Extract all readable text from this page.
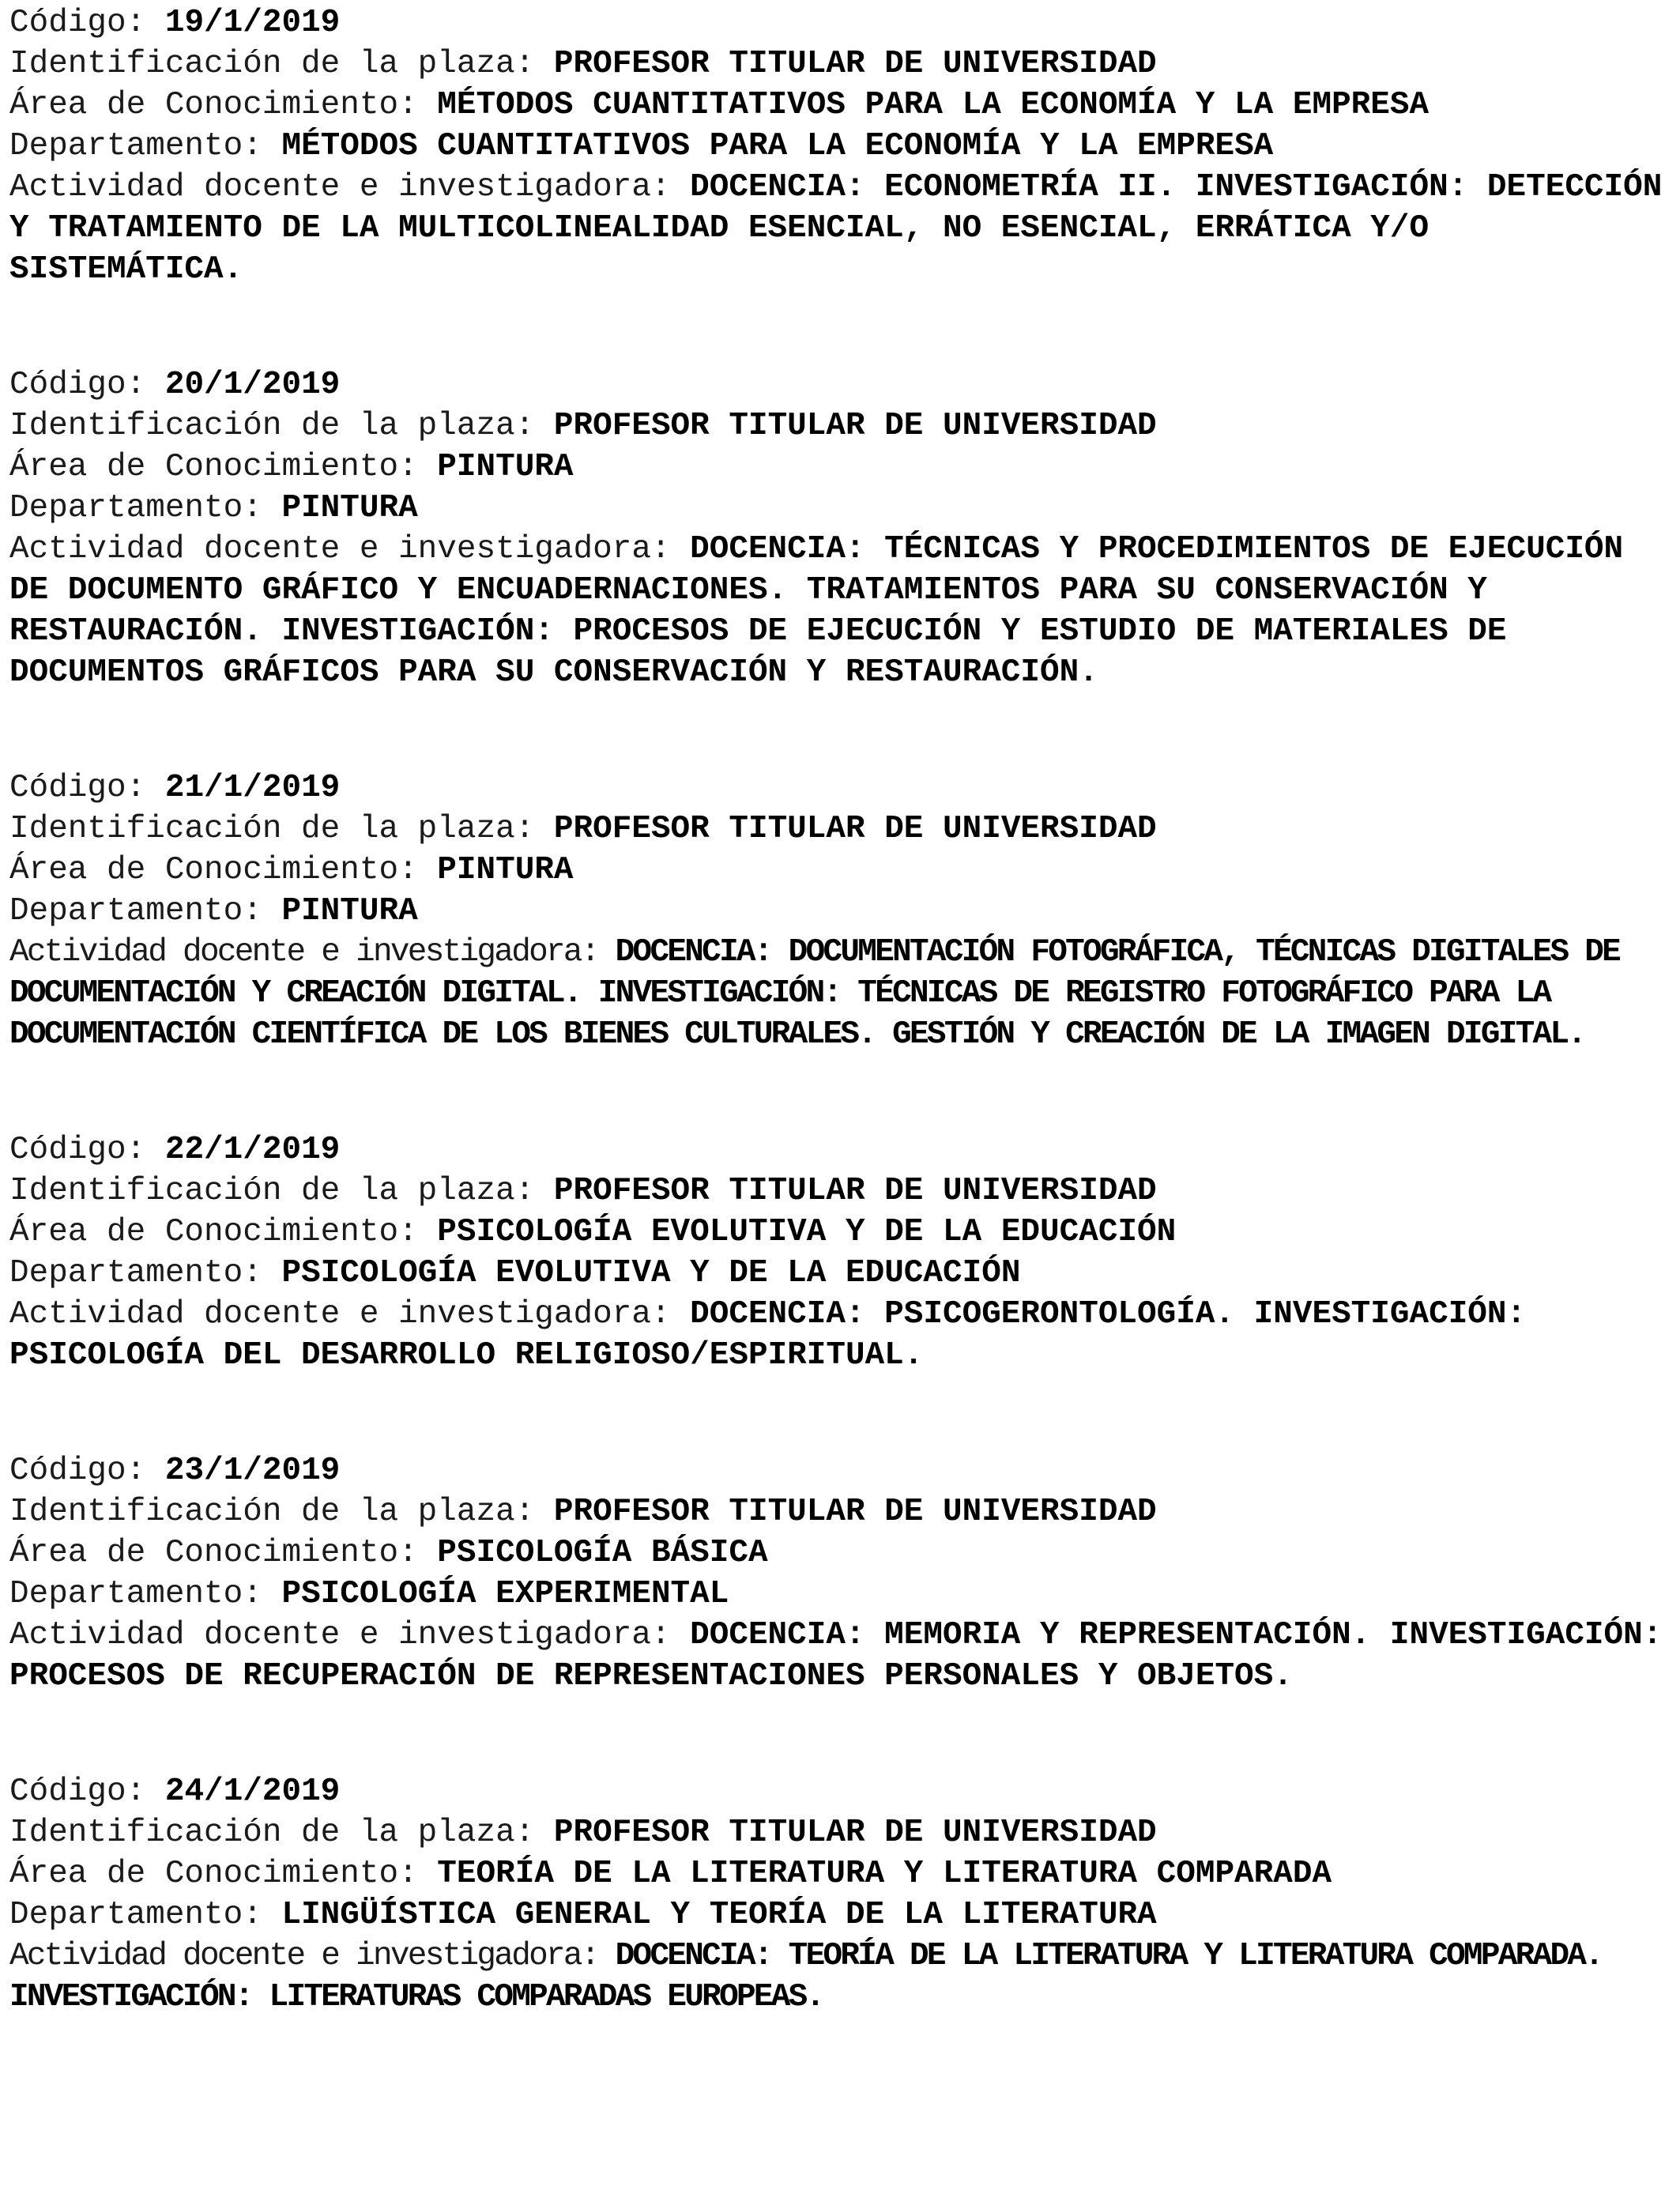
Código: 19/1/2019

Identificación de la plaza: PROFESOR TITULAR DE UNIVERSIDAD

Área de Conocimiento: MÉTODOS CUANTITATIVOS PARA LA ECONOMÍA Y LA EMPRESA

Departamento: MÉTODOS CUANTITATIVOS PARA LA ECONOMÍA Y LA EMPRESA

Actividad docente e investigadora: DOCENCIA: ECONOMETRÍA II. INVESTIGACIÓN: DETECCIÓN Y TRATAMIENTO DE LA MULTICOLINEALIDAD ESENCIAL, NO ESENCIAL, ERRÁTICA Y/O SISTEMÁTICA.

Código: 20/1/2019

Identificación de la plaza: PROFESOR TITULAR DE UNIVERSIDAD

Área de Conocimiento: PINTURA

Departamento: PINTURA

Actividad docente e investigadora: DOCENCIA: TÉCNICAS Y PROCEDIMIENTOS DE EJECUCIÓN DE DOCUMENTO GRÁFICO Y ENCUADERNACIONES. TRATAMIENTOS PARA SU CONSERVACIÓN Y RESTAURACIÓN. INVESTIGACIÓN: PROCESOS DE EJECUCIÓN Y ESTUDIO DE MATERIALES DE DOCUMENTOS GRÁFICOS PARA SU CONSERVACIÓN Y RESTAURACIÓN.

Código: 21/1/2019

Identificación de la plaza: PROFESOR TITULAR DE UNIVERSIDAD

Área de Conocimiento: PINTURA

Departamento: PINTURA

Actividad docente e investigadora: DOCENCIA: DOCUMENTACIÓN FOTOGRÁFICA, TÉCNICAS DIGITALES DE DOCUMENTACIÓN Y CREACIÓN DIGITAL. INVESTIGACIÓN: TÉCNICAS DE REGISTRO FOTOGRÁFICO PARA LA DOCUMENTACIÓN CIENTÍFICA DE LOS BIENES CULTURALES. GESTIÓN Y CREACIÓN DE LA IMAGEN DIGITAL.

Código: 22/1/2019

Identificación de la plaza: PROFESOR TITULAR DE UNIVERSIDAD

Área de Conocimiento: PSICOLOGÍA EVOLUTIVA Y DE LA EDUCACIÓN

Departamento: PSICOLOGÍA EVOLUTIVA Y DE LA EDUCACIÓN

Actividad docente e investigadora: DOCENCIA: PSICOGERONTOLOGÍA. INVESTIGACIÓN: PSICOLOGÍA DEL DESARROLLO RELIGIOSO/ESPIRITUAL.

Código: 23/1/2019

Identificación de la plaza: PROFESOR TITULAR DE UNIVERSIDAD

Área de Conocimiento: PSICOLOGÍA BÁSICA

Departamento: PSICOLOGÍA EXPERIMENTAL

Actividad docente e investigadora: DOCENCIA: MEMORIA Y REPRESENTACIÓN. INVESTIGACIÓN: PROCESOS DE RECUPERACIÓN DE REPRESENTACIONES PERSONALES Y OBJETOS.

Código: 24/1/2019

Identificación de la plaza: PROFESOR TITULAR DE UNIVERSIDAD

Área de Conocimiento: TEORÍA DE LA LITERATURA Y LITERATURA COMPARADA

Departamento: LINGÜÍSTICA GENERAL Y TEORÍA DE LA LITERATURA

Actividad docente e investigadora: DOCENCIA: TEORÍA DE LA LITERATURA Y LITERATURA COMPARADA. INVESTIGACIÓN: LITERATURAS COMPARADAS EUROPEAS.
